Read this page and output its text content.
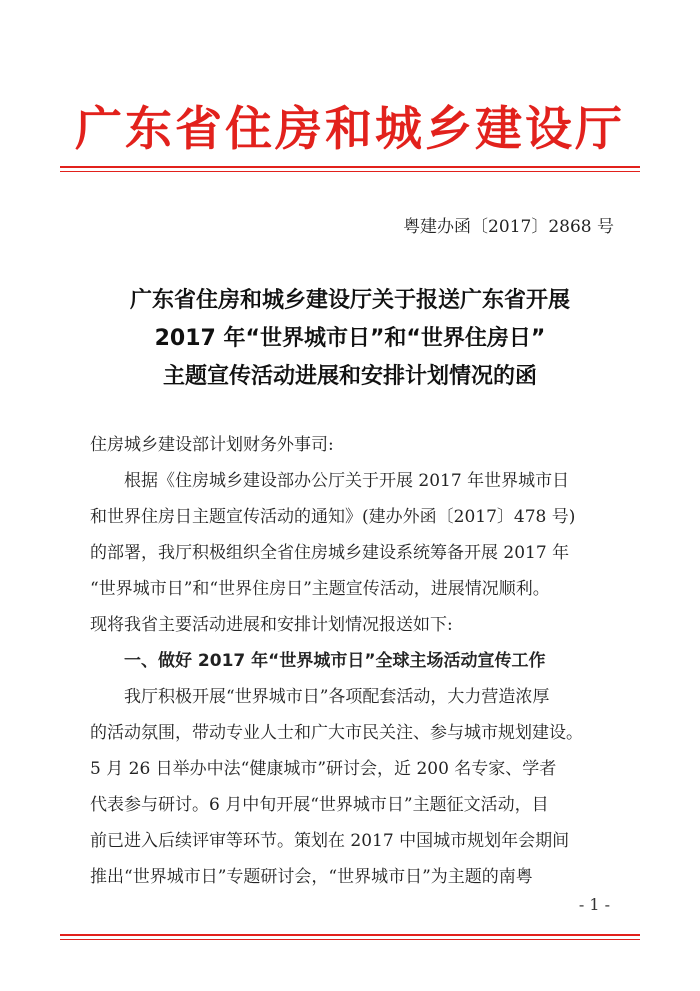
广东省住房和城乡建设厅
粤建办函〔2017〕2868 号
广东省住房和城乡建设厅关于报送广东省开展
2017 年“世界城市日”和“世界住房日”
主题宣传活动进展和安排计划情况的函
住房城乡建设部计划财务外事司:
根据《住房城乡建设部办公厅关于开展 2017 年世界城市日
和世界住房日主题宣传活动的通知》(建办外函〔2017〕478 号)
的部署，我厅积极组织全省住房城乡建设系统筹备开展 2017 年
“世界城市日”和“世界住房日”主题宣传活动，进展情况顺利。
现将我省主要活动进展和安排计划情况报送如下:
一、做好 2017 年“世界城市日”全球主场活动宣传工作
我厅积极开展“世界城市日”各项配套活动，大力营造浓厚
的活动氛围，带动专业人士和广大市民关注、参与城市规划建设。
5 月 26 日举办中法“健康城市”研讨会，近 200 名专家、学者
代表参与研讨。6 月中旬开展“世界城市日”主题征文活动，目
前已进入后续评审等环节。策划在 2017 中国城市规划年会期间
推出“世界城市日”专题研讨会，“世界城市日”为主题的南粤
- 1 -
